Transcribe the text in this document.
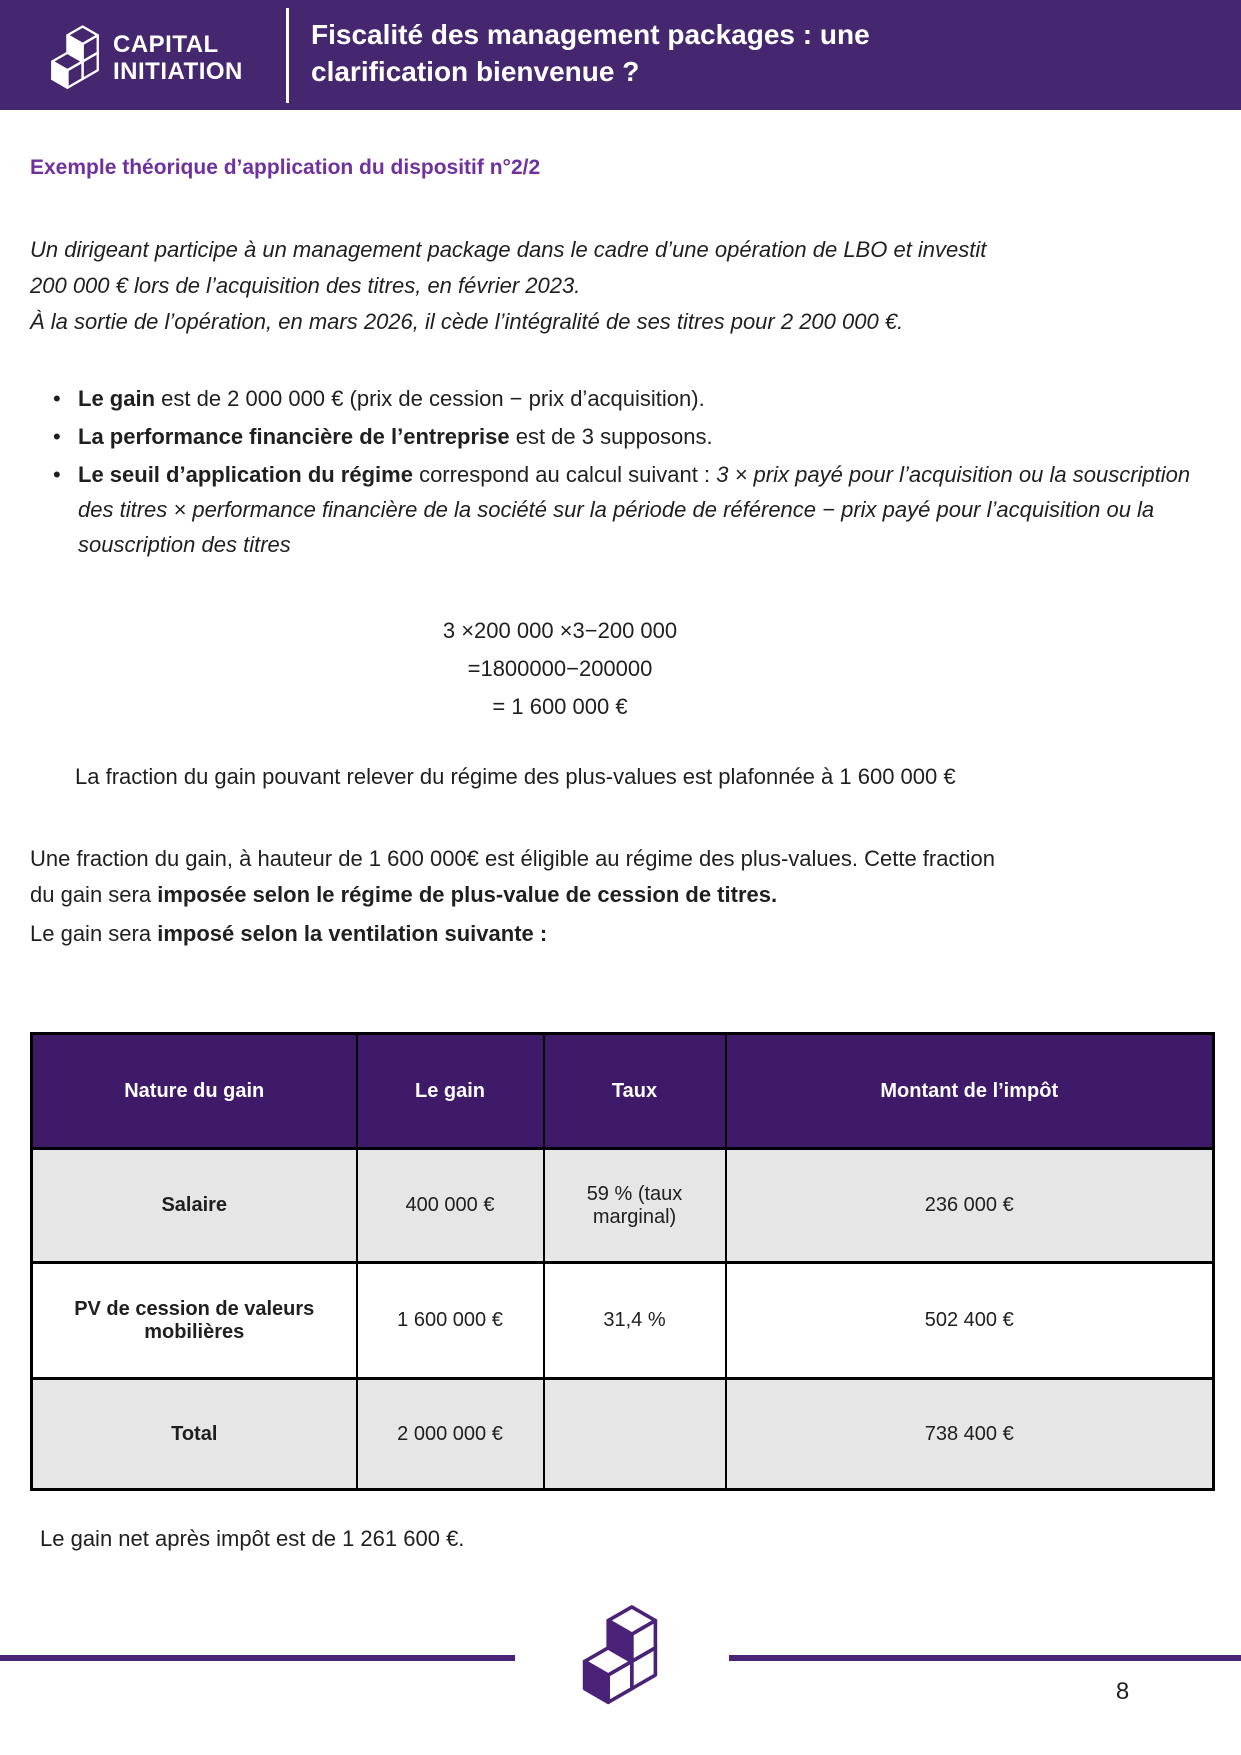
CAPITAL
INITIATION
Fiscalité des management packages : une
clarification bienvenue ?
Exemple théorique d’application du dispositif n°2/2
Un dirigeant participe à un management package dans le cadre d’une opération de LBO et investit
200 000 € lors de l’acquisition des titres, en février 2023.
À la sortie de l’opération, en mars 2026, il cède l’intégralité de ses titres pour 2 200 000 €.
• Le gain est de 2 000 000 € (prix de cession − prix d’acquisition).
• La performance financière de l’entreprise est de 3 supposons.
• Le seuil d’application du régime correspond au calcul suivant : 3 × prix payé pour l’acquisition ou la souscription des titres × performance financière de la société sur la période de référence − prix payé pour l’acquisition ou la souscription des titres
3 ×200 000 ×3−200 000
=1800000−200000
= 1 600 000 €
La fraction du gain pouvant relever du régime des plus-values est plafonnée à 1 600 000 €
Une fraction du gain, à hauteur de 1 600 000€ est éligible au régime des plus-values. Cette fraction
du gain sera imposée selon le régime de plus-value de cession de titres.
Le gain sera imposé selon la ventilation suivante :
Nature du gain	Le gain	Taux	Montant de l’impôt
Salaire	400 000 €	59 % (taux marginal)	236 000 €
PV de cession de valeurs mobilières	1 600 000 €	31,4 %	502 400 €
Total	2 000 000 €		738 400 €
Le gain net après impôt est de 1 261 600 €.
8
